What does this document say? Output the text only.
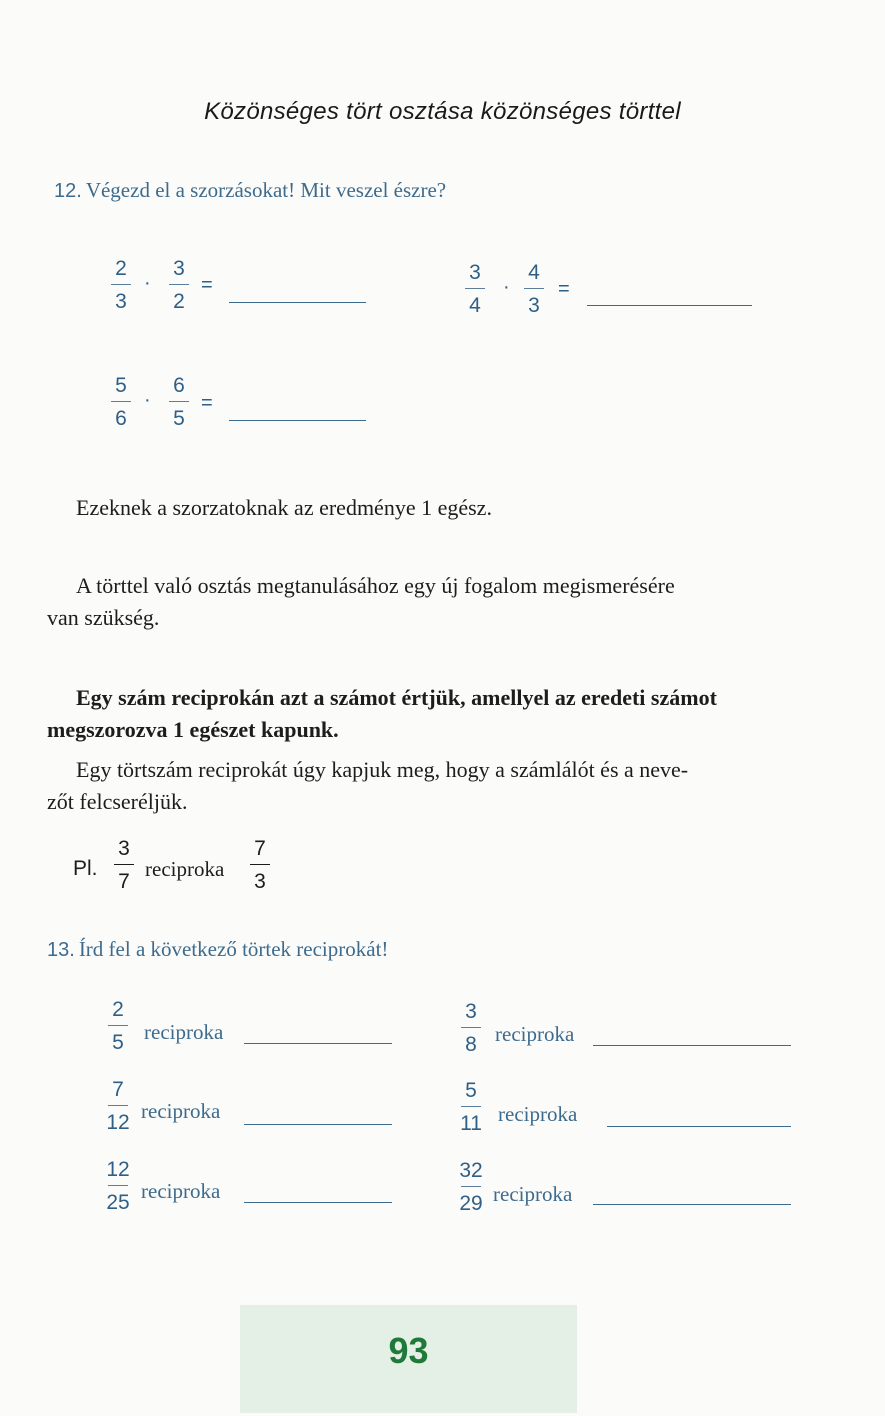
Közönséges tört osztása közönséges törttel
12. Végezd el a szorzásokat! Mit veszel észre?
2
3
·
3
2
=
3
4
·
4
3
=
5
6
·
6
5
=
Ezeknek a szorzatoknak az eredménye 1 egész.
A törttel való osztás megtanulásához egy új fogalom megismerésére
van szükség.
Egy szám reciprokán azt a számot értjük, amellyel az eredeti számot
megszorozva 1 egészet kapunk.
Egy törtszám reciprokát úgy kapjuk meg, hogy a számlálót és a neve-
zőt felcseréljük.
Pl.
3
7
reciproka
7
3
13. Írd fel a következő törtek reciprokát!
2
5 reciproka
3
8 reciproka
7
12 reciproka
5
11 reciproka
12
25 reciproka
32
29 reciproka
93
